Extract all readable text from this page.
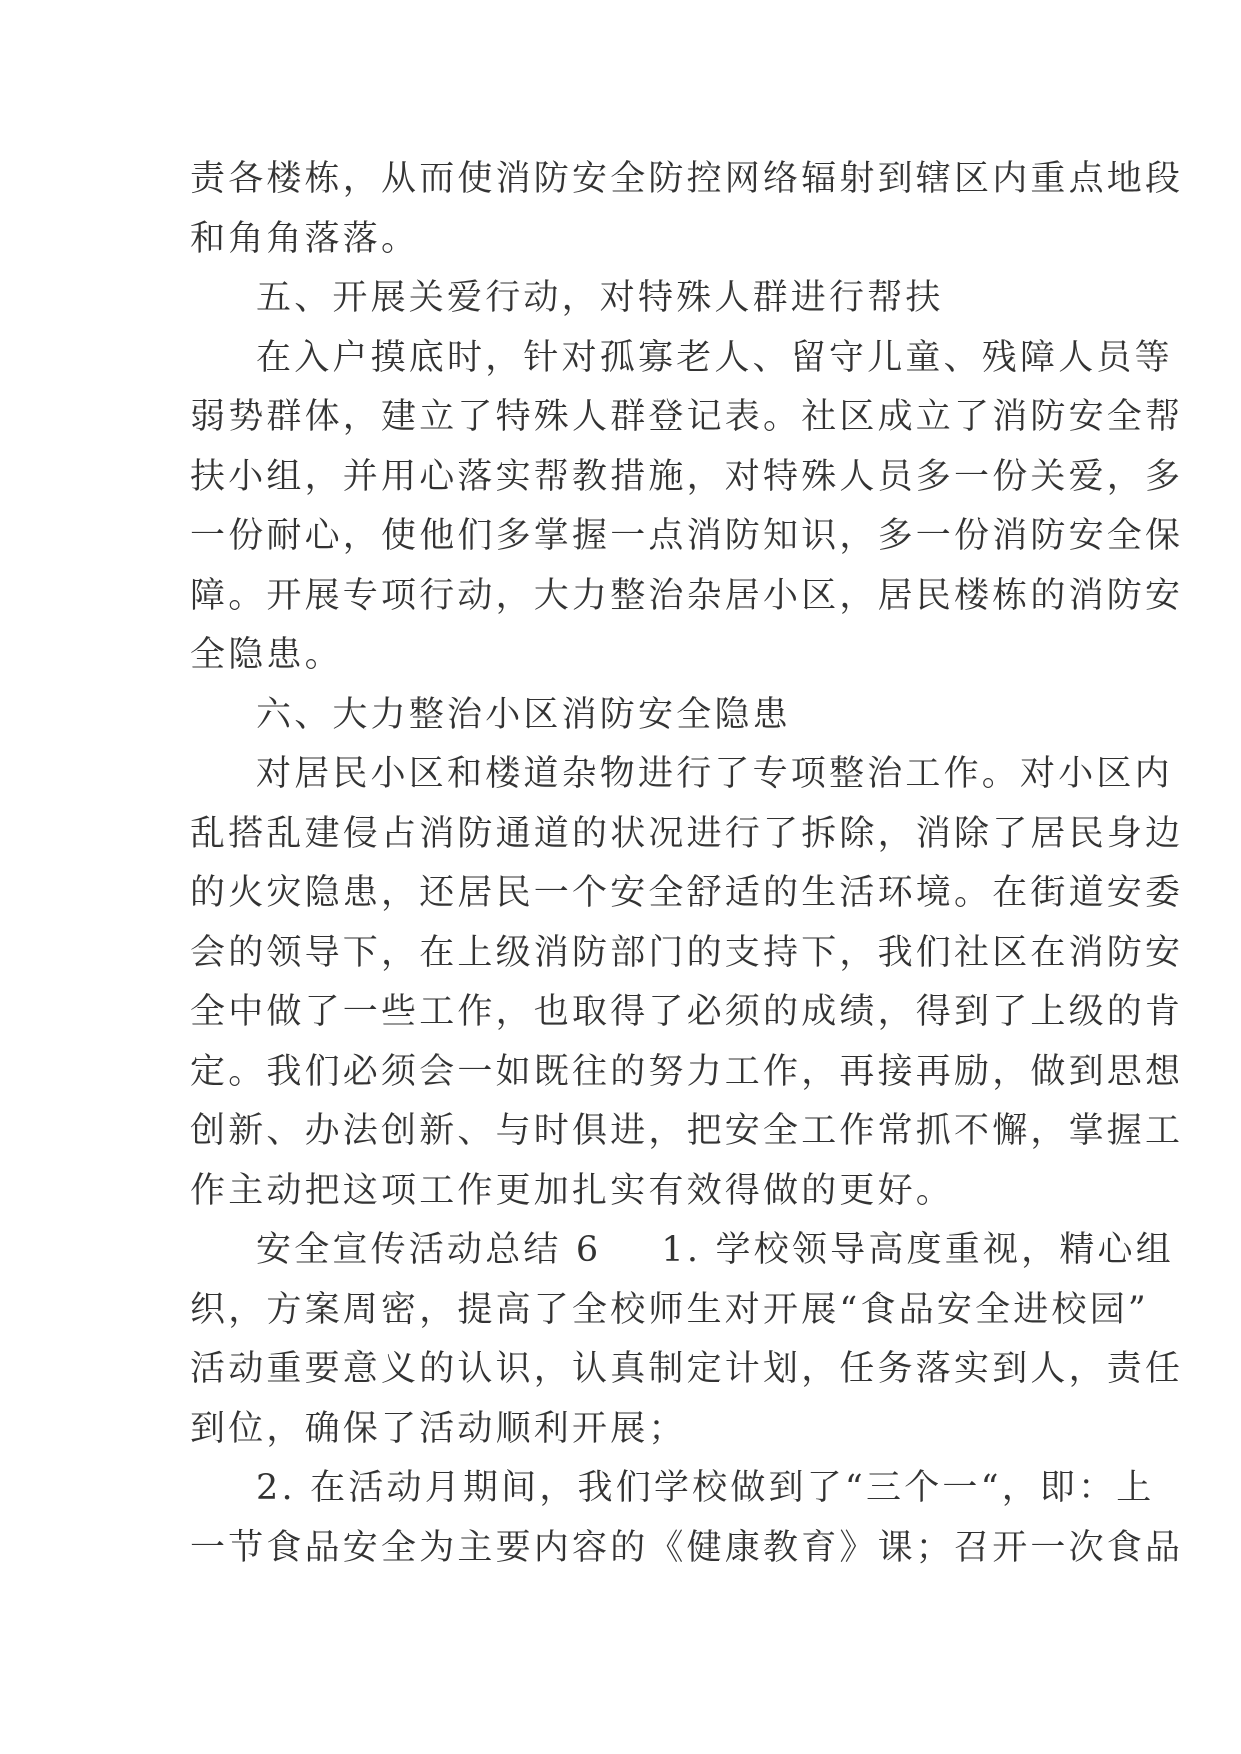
责各楼栋，从而使消防安全防控网络辐射到辖区内重点地段
和角角落落。
五、开展关爱行动，对特殊人群进行帮扶
在入户摸底时，针对孤寡老人、留守儿童、残障人员等
弱势群体，建立了特殊人群登记表。社区成立了消防安全帮
扶小组，并用心落实帮教措施，对特殊人员多一份关爱，多
一份耐心，使他们多掌握一点消防知识，多一份消防安全保
障。开展专项行动，大力整治杂居小区，居民楼栋的消防安
全隐患。
六、大力整治小区消防安全隐患
对居民小区和楼道杂物进行了专项整治工作。对小区内
乱搭乱建侵占消防通道的状况进行了拆除，消除了居民身边
的火灾隐患，还居民一个安全舒适的生活环境。在街道安委
会的领导下，在上级消防部门的支持下，我们社区在消防安
全中做了一些工作，也取得了必须的成绩，得到了上级的肯
定。我们必须会一如既往的努力工作，再接再励，做到思想
创新、办法创新、与时俱进，把安全工作常抓不懈，掌握工
作主动把这项工作更加扎实有效得做的更好。
安全宣传活动总结 6 1. 学校领导高度重视，精心组
织，方案周密，提高了全校师生对开展“食品安全进校园”
活动重要意义的认识，认真制定计划，任务落实到人，责任
到位，确保了活动顺利开展；
2. 在活动月期间，我们学校做到了“三个一“，即：上
一节食品安全为主要内容的《健康教育》课；召开一次食品
